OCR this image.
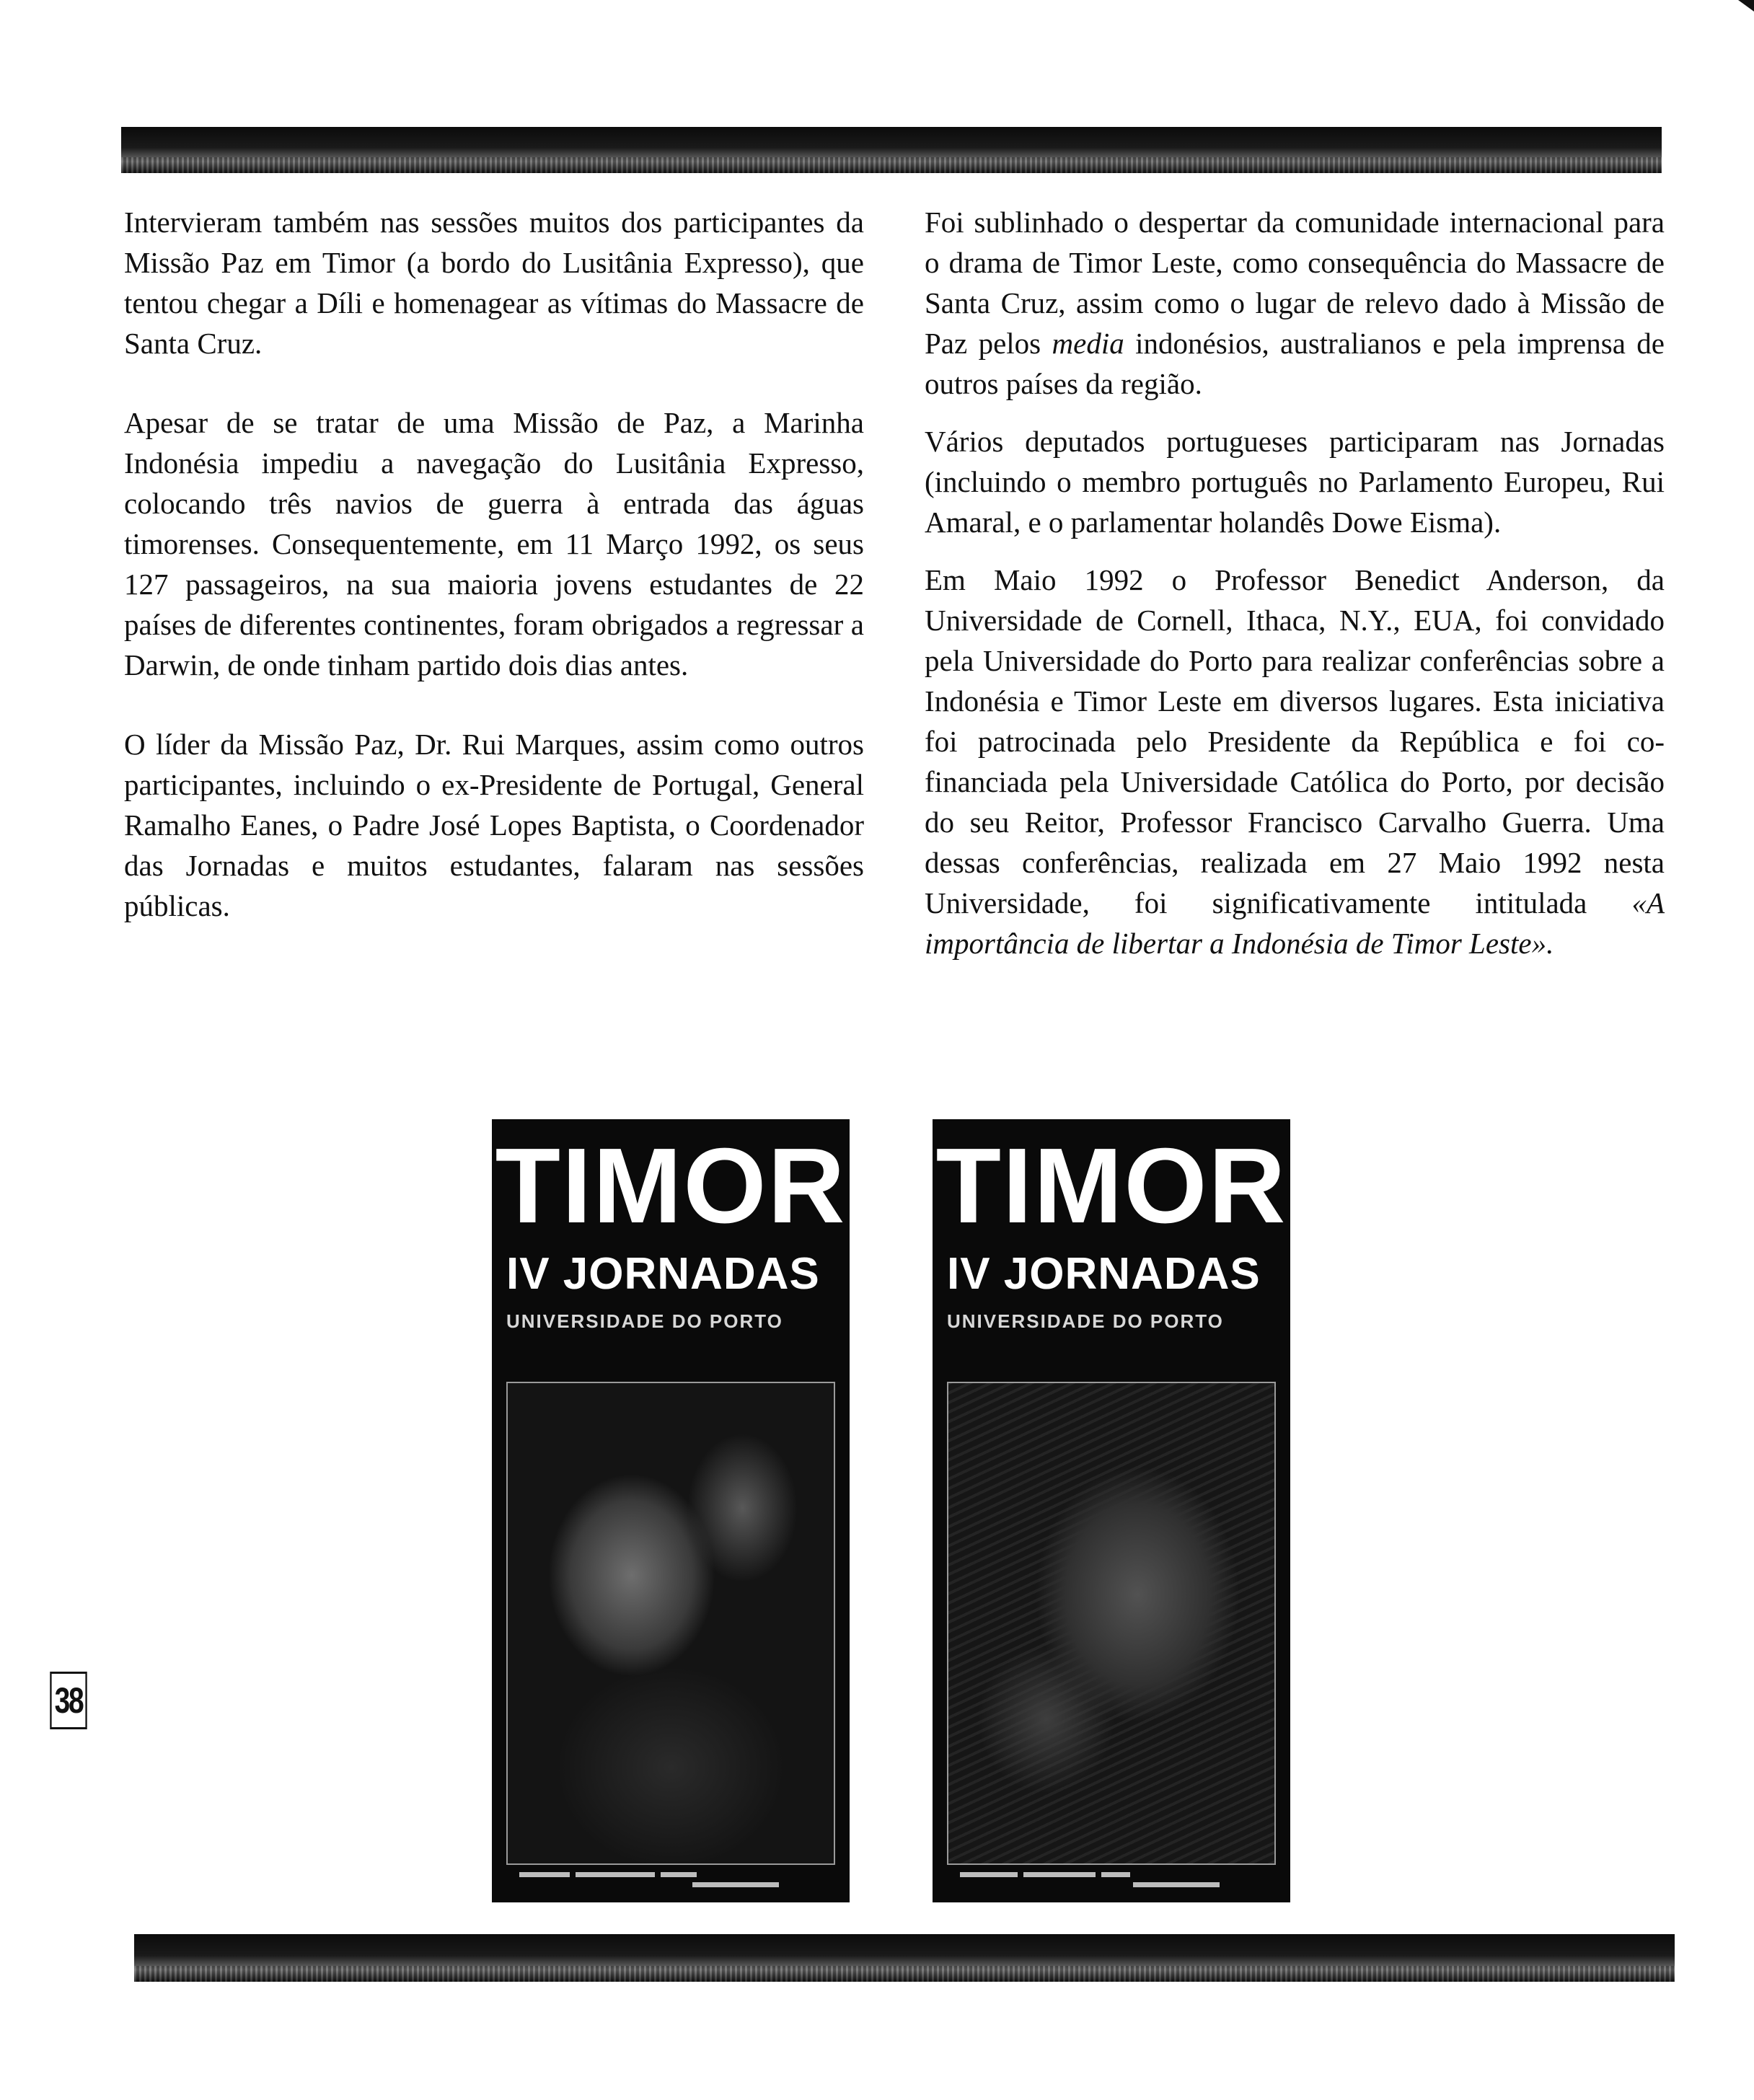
Intervieram também nas sessões muitos dos participantes da Missão Paz em Timor (a bordo do Lusitânia Expresso), que tentou chegar a Díli e homenagear as vítimas do Massacre de Santa Cruz.

Apesar de se tratar de uma Missão de Paz, a Marinha Indonésia impediu a navegação do Lusitânia Expresso, colocando três navios de guerra à entrada das águas timorenses. Consequentemente, em 11 Março 1992, os seus 127 passageiros, na sua maioria jovens estudantes de 22 países de diferentes continentes, foram obrigados a regressar a Darwin, de onde tinham partido dois dias antes.

O líder da Missão Paz, Dr. Rui Marques, assim como outros participantes, incluindo o ex-Presidente de Portugal, General Ramalho Eanes, o Padre José Lopes Baptista, o Coordenador das Jornadas e muitos estudantes, falaram nas sessões públicas.

Foi sublinhado o despertar da comunidade internacional para o drama de Timor Leste, como consequência do Massacre de Santa Cruz, assim como o lugar de relevo dado à Missão de Paz pelos media indonésios, australianos e pela imprensa de outros países da região.

Vários deputados portugueses participaram nas Jornadas (incluindo o membro português no Parlamento Europeu, Rui Amaral, e o parlamentar holandês Dowe Eisma).

Em Maio 1992 o Professor Benedict Anderson, da Universidade de Cornell, Ithaca, N.Y., EUA, foi convidado pela Universidade do Porto para realizar conferências sobre a Indonésia e Timor Leste em diversos lugares. Esta iniciativa foi patrocinada pelo Presidente da República e foi co-financiada pela Universidade Católica do Porto, por decisão do seu Reitor, Professor Francisco Carvalho Guerra. Uma dessas conferências, realizada em 27 Maio 1992 nesta Universidade, foi significativamente intitulada «A importância de libertar a Indonésia de Timor Leste».

TIMOR
IV JORNADAS
UNIVERSIDADE DO PORTO

TIMOR
IV JORNADAS
UNIVERSIDADE DO PORTO

38
